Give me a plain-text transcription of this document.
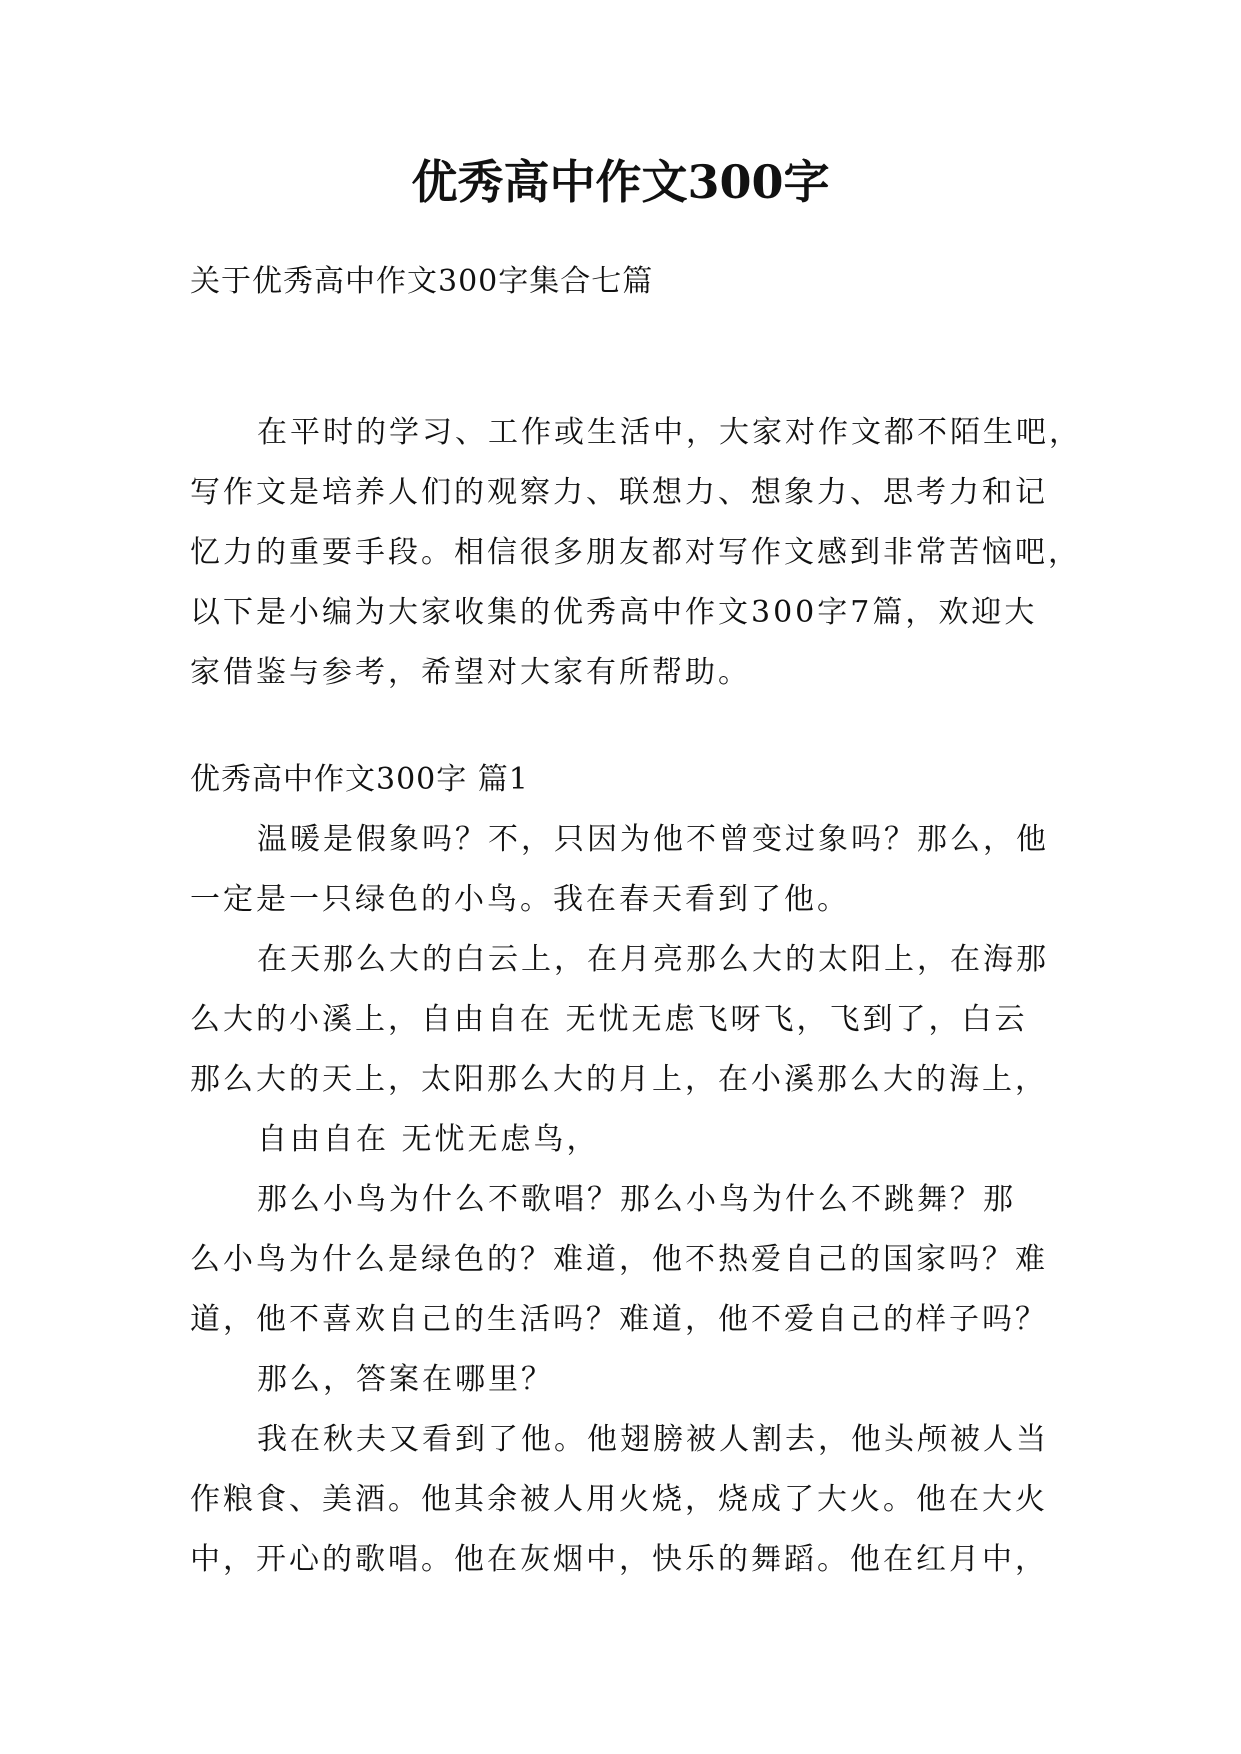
优秀高中作文300字

关于优秀高中作文300字集合七篇

在平时的学习、工作或生活中，大家对作文都不陌生吧，

写作文是培养人们的观察力、联想力、想象力、思考力和记

忆力的重要手段。相信很多朋友都对写作文感到非常苦恼吧，

以下是小编为大家收集的优秀高中作文300字7篇，欢迎大

家借鉴与参考，希望对大家有所帮助。

优秀高中作文300字 篇1

温暖是假象吗？不，只因为他不曾变过象吗？那么，他

一定是一只绿色的小鸟。我在春天看到了他。

在天那么大的白云上，在月亮那么大的太阳上，在海那

么大的小溪上，自由自在 无忧无虑飞呀飞，飞到了，白云

那么大的天上，太阳那么大的月上，在小溪那么大的海上，

自由自在 无忧无虑鸟，

那么小鸟为什么不歌唱？那么小鸟为什么不跳舞？那

么小鸟为什么是绿色的？难道，他不热爱自己的国家吗？难

道，他不喜欢自己的生活吗？难道，他不爱自己的样子吗？

那么，答案在哪里？

我在秋夫又看到了他。他翅膀被人割去，他头颅被人当

作粮食、美酒。他其余被人用火烧，烧成了大火。他在大火

中，开心的歌唱。他在灰烟中，快乐的舞蹈。他在红月中，
